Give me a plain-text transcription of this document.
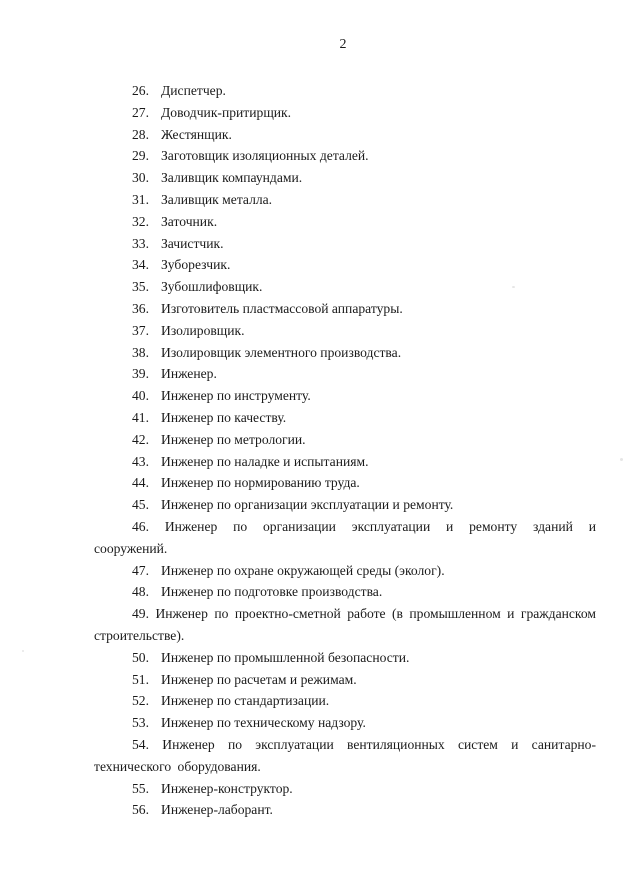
2

26. Диспетчер.

27. Доводчик-притирщик.

28. Жестянщик.

29. Заготовщик изоляционных деталей.

30. Заливщик компаундами.

31. Заливщик металла.

32. Заточник.

33. Зачистчик.

34. Зуборезчик.

35. Зубошлифовщик.

36. Изготовитель пластмассовой аппаратуры.

37. Изолировщик.

38. Изолировщик элементного производства.

39. Инженер.

40. Инженер по инструменту.

41. Инженер по качеству.

42. Инженер по метрологии.

43. Инженер по наладке и испытаниям.

44. Инженер по нормированию труда.

45. Инженер по организации эксплуатации и ремонту.

46. Инженер по организации эксплуатации и ремонту зданий и сооружений.

47. Инженер по охране окружающей среды (эколог).

48. Инженер по подготовке производства.

49. Инженер по проектно-сметной работе (в промышленном и гражданском строительстве).

50. Инженер по промышленной безопасности.

51. Инженер по расчетам и режимам.

52. Инженер по стандартизации.

53. Инженер по техническому надзору.

54. Инженер по эксплуатации вентиляционных систем и санитарно-технического оборудования.

55. Инженер-конструктор.

56. Инженер-лаборант.
